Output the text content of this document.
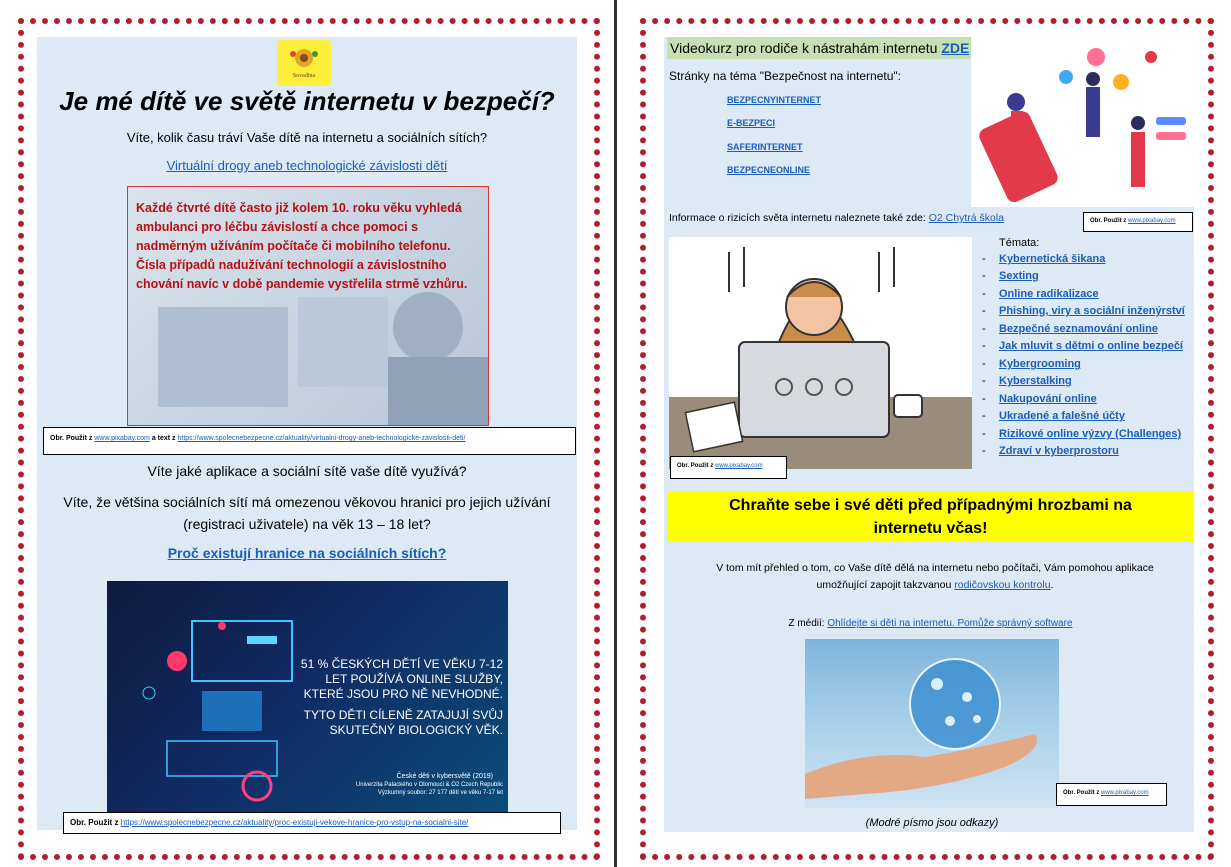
Sovadina
Je mé dítě ve světě internetu v bezpečí?
Víte, kolik času tráví Vaše dítě na internetu a sociálních sítích?
Virtuální drogy aneb technologické závislosti dětí
Každé čtvrté dítě často již kolem 10. roku věku vyhledá ambulanci pro léčbu závislostí a chce pomoci s nadměrným užíváním počítače či mobilního telefonu. Čísla případů nadužívání technologií a závislostního chování navíc v době pandemie vystřelila strmě vzhůru.
Obr. Použit z www.pixabay.com a text z https://www.spolecnebezpecne.cz/aktuality/virtualni-drogy-aneb-technologicke-zavislosti-deti/
Víte jaké aplikace a sociální sítě vaše dítě využívá?
Víte, že většina sociálních sítí má omezenou věkovou hranici pro jejich užívání (registraci uživatele) na věk 13 – 18 let?
Proč existují hranice na sociálních sítích?
51 % ČESKÝCH DĚTÍ VE VĚKU 7-12 LET POUŽÍVÁ ONLINE SLUŽBY, KTERÉ JSOU PRO NĚ NEVHODNÉ.
TYTO DĚTI CÍLENĚ ZATAJUJÍ SVŮJ SKUTEČNÝ BIOLOGICKÝ VĚK.
České děti v kybersvětě (2019)
Univerzita Palackého v Olomouci & O2 Czech Republic
Výzkumný soubor: 27 177 dětí ve věku 7-17 let
Obr. Použit z https://www.spolecnebezpecne.cz/aktuality/proc-existuji-vekove-hranice-pro-vstup-na-socialni-site/
Videokurz pro rodiče k nástrahám internetu ZDE
Stránky na téma "Bezpečnost na internetu":
BEZPECNYINTERNET
E-BEZPECI
SAFERINTERNET
BEZPECNEONLINE
Obr. Použit z www.pixabay.com
Informace o rizicích světa internetu naleznete také zde: O2 Chytrá škola
Obr. Použit z www.pixabay.com
Témata:
- Kybernetická šikana
- Sexting
- Online radikalizace
- Phishing, viry a sociální inženýrství
- Bezpečné seznamování online
- Jak mluvit s dětmi o online bezpečí
- Kybergrooming
- Kyberstalking
- Nakupování online
- Ukradené a falešné účty
- Rizikové online výzvy (Challenges)
- Zdraví v kyberprostoru
Chraňte sebe i své děti před případnými hrozbami na internetu včas!
V tom mít přehled o tom, co Vaše dítě dělá na internetu nebo počítači, Vám pomohou aplikace umožňující zapojit takzvanou rodičovskou kontrolu.
Z médií: Ohlídejte si děti na internetu. Pomůže správný software
Obr. Použit z www.pixabay.com
(Modré písmo jsou odkazy)
